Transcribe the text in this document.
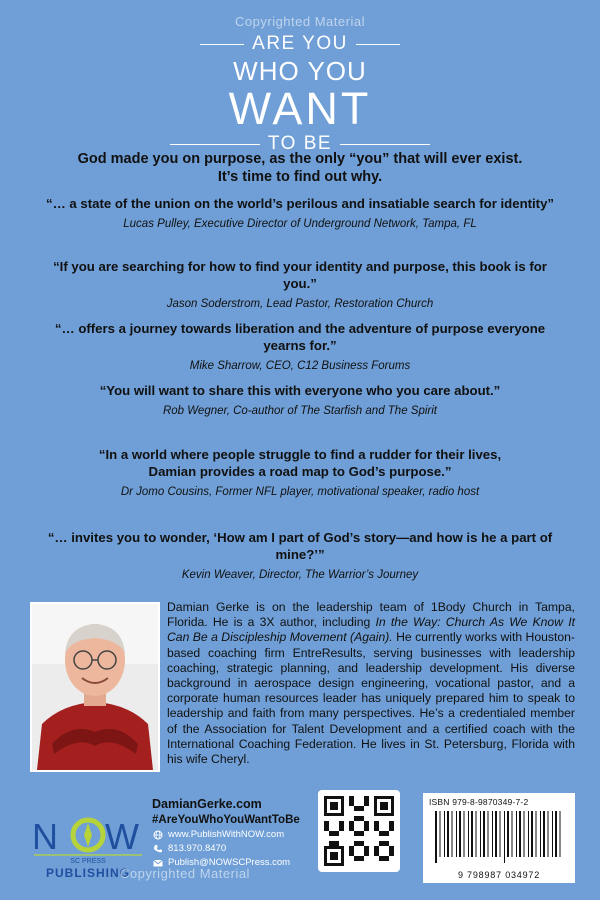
Copyrighted Material
ARE YOU
WHO YOU
WANT
TO BE
God made you on purpose, as the only “you” that will ever exist.
It’s time to find out why.
“… a state of the union on the world’s perilous and insatiable search for identity”
Lucas Pulley, Executive Director of Underground Network, Tampa, FL
“If you are searching for how to find your identity and purpose, this book is for you.”
Jason Soderstrom, Lead Pastor, Restoration Church
“… offers a journey towards liberation and the adventure of purpose everyone yearns for.”
Mike Sharrow, CEO, C12 Business Forums
“You will want to share this with everyone who you care about.”
Rob Wegner, Co-author of The Starfish and The Spirit
“In a world where people struggle to find a rudder for their lives,
Damian provides a road map to God’s purpose.”
Dr Jomo Cousins, Former NFL player, motivational speaker, radio host
“… invites you to wonder, ‘How am I part of God’s story—and how is he a part of mine?’”
Kevin Weaver, Director, The Warrior’s Journey
Damian Gerke is on the leadership team of 1Body Church in Tampa, Florida. He is a 3X author, including In the Way: Church As We Know It Can Be a Discipleship Movement (Again). He currently works with Houston-based coaching firm EntreResults, serving businesses with leadership coaching, strategic planning, and leadership development. His diverse background in aerospace design engineering, vocational pastor, and a corporate human resources leader has uniquely prepared him to speak to leadership and faith from many perspectives. He’s a credentialed member of the Association for Talent Development and a certified coach with the International Coaching Federation. He lives in St. Petersburg, Florida with his wife Cheryl.
N W
SC PRESS
PUBLISHING
DamianGerke.com
#AreYouWhoYouWantToBe
www.PublishWithNOW.com
813.970.8470
Publish@NOWSCPress.com
ISBN 979-8-9870349-7-2
9 798987 034972
Copyrighted Material
